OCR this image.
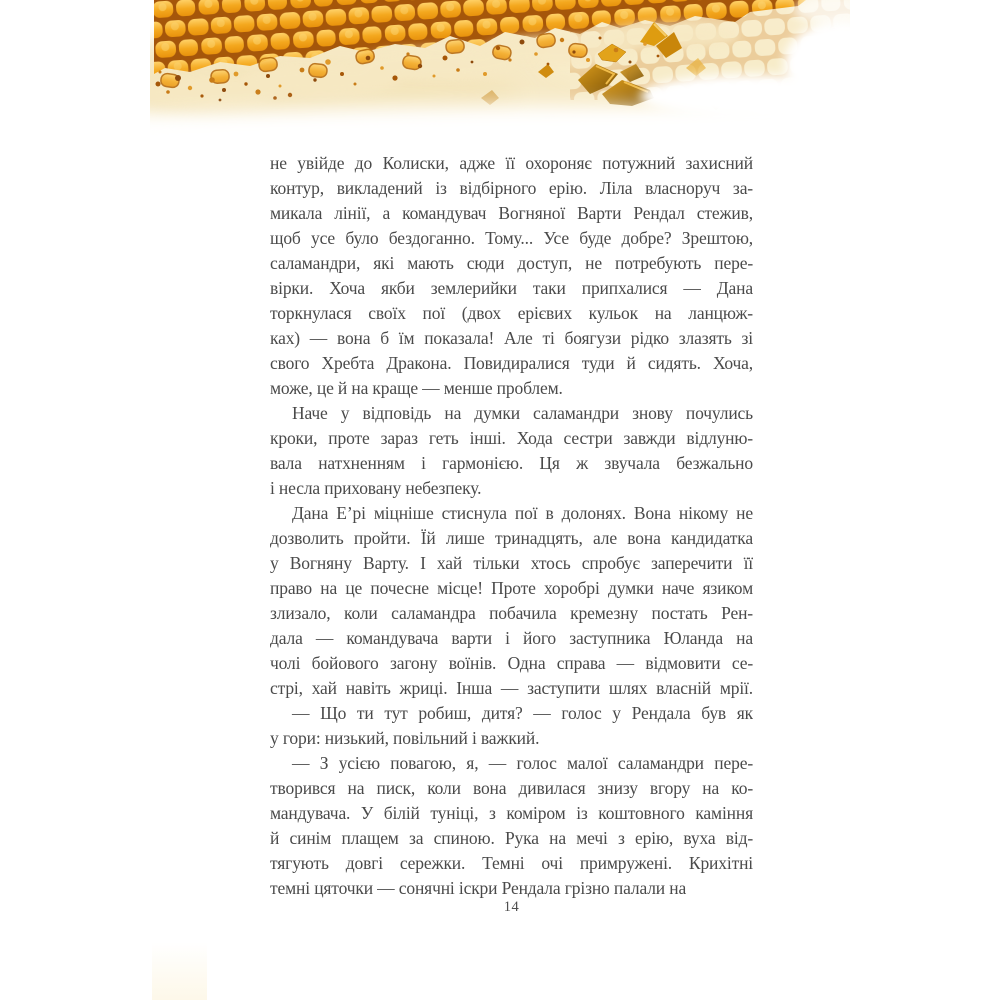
не увійде до Колиски, адже її охороняє потужний захисний
контур, викладений із відбірного ерію. Ліла власноруч за-
микала лінії, а командувач Вогняної Варти Рендал стежив,
щоб усе було бездоганно. Тому... Усе буде добре? Зрештою,
саламандри, які мають сюди доступ, не потребують пере-
вірки. Хоча якби землерийки таки припхалися — Дана
торкнулася своїх пої (двох ерієвих кульок на ланцюж-
ках) — вона б їм показала! Але ті боягузи рідко злазять зі
свого Хребта Дракона. Повидиралися туди й сидять. Хоча,
може, це й на краще — менше проблем.
Наче у відповідь на думки саламандри знову почулись
кроки, проте зараз геть інші. Хода сестри завжди відлуню-
вала натхненням і гармонією. Ця ж звучала безжально
і несла приховану небезпеку.
Дана Е’рі міцніше стиснула пої в долонях. Вона нікому не
дозволить пройти. Їй лише тринадцять, але вона кандидатка
у Вогняну Варту. І хай тільки хтось спробує заперечити її
право на це почесне місце! Проте хоробрі думки наче язиком
злизало, коли саламандра побачила кремезну постать Рен-
дала — командувача варти і його заступника Юланда на
чолі бойового загону воїнів. Одна справа — відмовити се-
стрі, хай навіть жриці. Інша — заступити шлях власній мрії.
— Що ти тут робиш, дитя? — голос у Рендала був як
у гори: низький, повільний і важкий.
— З усією повагою, я, — голос малої саламандри пере-
творився на писк, коли вона дивилася знизу вгору на ко-
мандувача. У білій туніці, з коміром із коштовного каміння
й синім плащем за спиною. Рука на мечі з ерію, вуха від-
тягують довгі сережки. Темні очі примружені. Крихітні
темні цяточки — сонячні іскри Рендала грізно палали на
14
